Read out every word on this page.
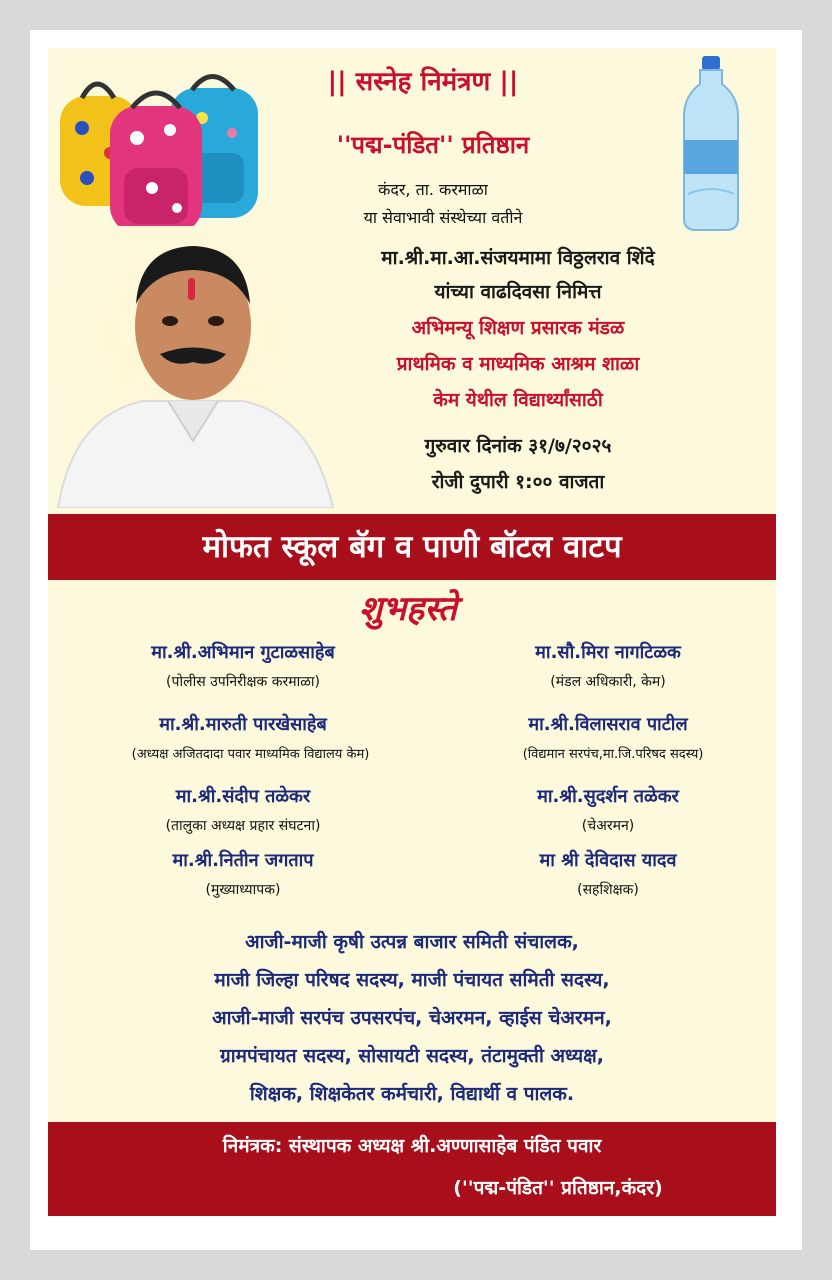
|| सस्नेह निमंत्रण ||
''पद्म-पंडित'' प्रतिष्ठान
कंदर, ता. करमाळा
या सेवाभावी संस्थेच्या वतीने
मा.श्री.मा.आ.संजयमामा विठ्ठलराव शिंदे
यांच्या वाढदिवसा निमित्त
अभिमन्यू शिक्षण प्रसारक मंडळ
प्राथमिक व माध्यमिक आश्रम शाळा
केम येथील विद्यार्थ्यांसाठी
गुरुवार दिनांक ३१/७/२०२५
रोजी दुपारी १:०० वाजता
मोफत स्कूल बॅग व पाणी बॉटल वाटप
शुभहस्ते
मा.श्री.अभिमान गुटाळसाहेब
(पोलीस उपनिरीक्षक करमाळा)
मा.सौ.मिरा नागटिळक
(मंडल अधिकारी, केम)
मा.श्री.मारुती पारखेसाहेब
(अध्यक्ष अजितदादा पवार माध्यमिक विद्यालय केम)
मा.श्री.विलासराव पाटील
(विद्यमान सरपंच,मा.जि.परिषद सदस्य)
मा.श्री.संदीप तळेकर
(तालुका अध्यक्ष प्रहार संघटना)
मा.श्री.सुदर्शन तळेकर
(चेअरमन)
मा.श्री.नितीन जगताप
(मुख्याध्यापक)
मा श्री देविदास यादव
(सहशिक्षक)
आजी-माजी कृषी उत्पन्न बाजार समिती संचालक,
माजी जिल्हा परिषद सदस्य, माजी पंचायत समिती सदस्य,
आजी-माजी सरपंच उपसरपंच, चेअरमन, व्हाईस चेअरमन,
ग्रामपंचायत सदस्य, सोसायटी सदस्य, तंटामुक्ती अध्यक्ष,
शिक्षक, शिक्षकेतर कर्मचारी, विद्यार्थी व पालक.
निमंत्रक: संस्थापक अध्यक्ष श्री.अण्णासाहेब पंडित पवार
(''पद्म-पंडित'' प्रतिष्ठान,कंदर)
